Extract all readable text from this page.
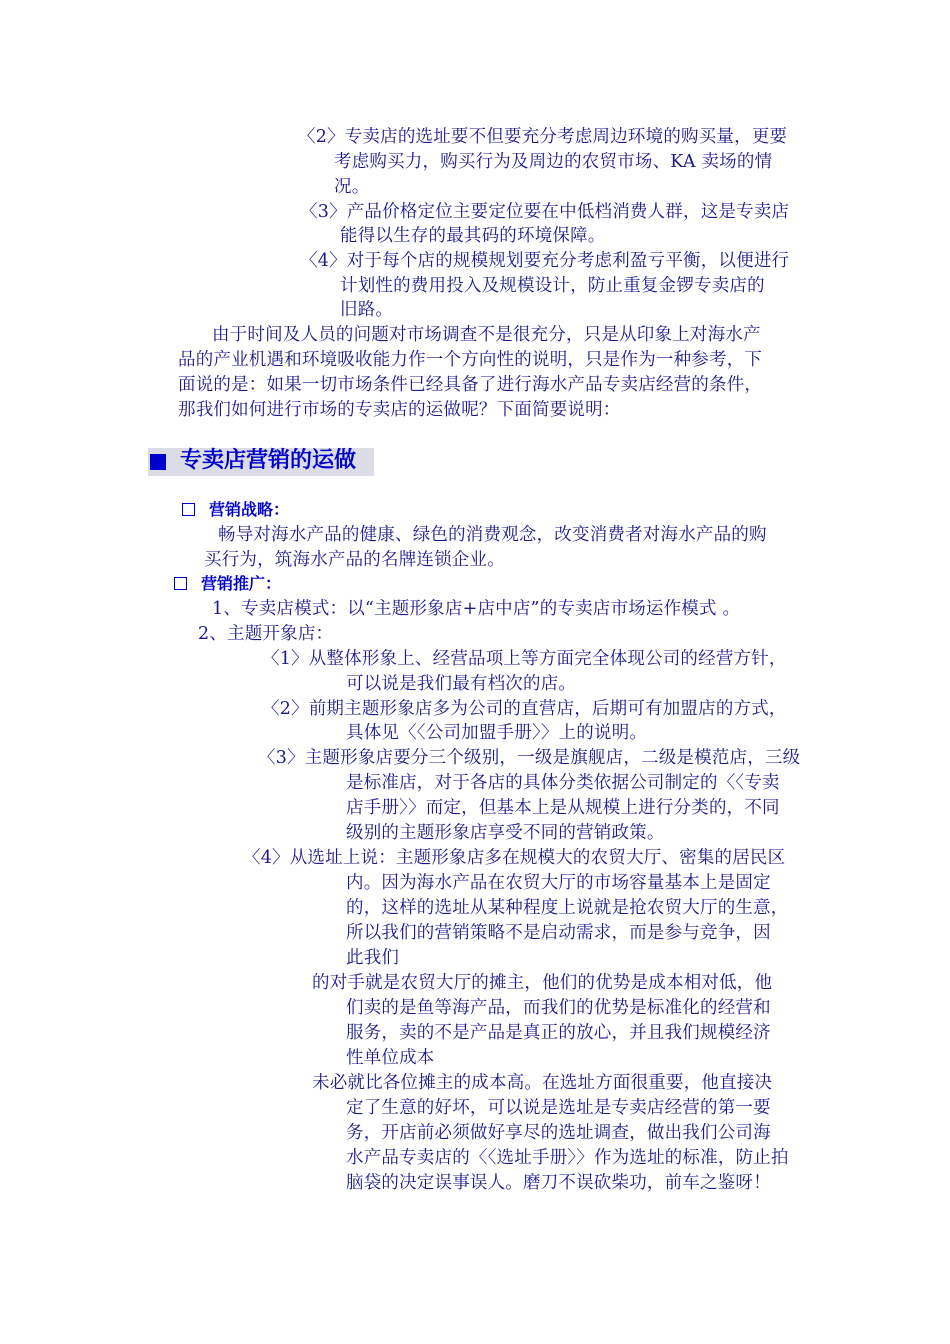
〈2〉专卖店的选址要不但要充分考虑周边环境的购买量，更要
考虑购买力，购买行为及周边的农贸市场、KA 卖场的情
况。
〈3〉产品价格定位主要定位要在中低档消费人群，这是专卖店
能得以生存的最其码的环境保障。
〈4〉对于每个店的规模规划要充分考虑利盈亏平衡，以便进行
计划性的费用投入及规模设计，防止重复金锣专卖店的
旧路。
由于时间及人员的问题对市场调查不是很充分，只是从印象上对海水产
品的产业机遇和环境吸收能力作一个方向性的说明，只是作为一种参考，下
面说的是：如果一切市场条件已经具备了进行海水产品专卖店经营的条件，
那我们如何进行市场的专卖店的运做呢？下面简要说明：
专卖店营销的运做
营销战略：
畅导对海水产品的健康、绿色的消费观念，改变消费者对海水产品的购
买行为，筑海水产品的名牌连锁企业。
营销推广：
1、专卖店模式：以“主题形象店+店中店”的专卖店市场运作模式 。
2、主题开象店：
〈1〉从整体形象上、经营品项上等方面完全体现公司的经营方针，
可以说是我们最有档次的店。
〈2〉前期主题形象店多为公司的直营店，后期可有加盟店的方式，
具体见〈〈公司加盟手册〉〉上的说明。
〈3〉主题形象店要分三个级别，一级是旗舰店，二级是模范店，三级
是标准店，对于各店的具体分类依据公司制定的〈〈专卖
店手册〉〉而定，但基本上是从规模上进行分类的，不同
级别的主题形象店享受不同的营销政策。
〈4〉从选址上说：主题形象店多在规模大的农贸大厅、密集的居民区
内。因为海水产品在农贸大厅的市场容量基本上是固定
的，这样的选址从某种程度上说就是抢农贸大厅的生意，
所以我们的营销策略不是启动需求，而是参与竞争，因
此我们
的对手就是农贸大厅的摊主，他们的优势是成本相对低，他
们卖的是鱼等海产品，而我们的优势是标准化的经营和
服务，卖的不是产品是真正的放心，并且我们规模经济
性单位成本
未必就比各位摊主的成本高。在选址方面很重要，他直接决
定了生意的好坏，可以说是选址是专卖店经营的第一要
务，开店前必须做好享尽的选址调查，做出我们公司海
水产品专卖店的〈〈选址手册〉〉作为选址的标准，防止拍
脑袋的决定误事误人。磨刀不误砍柴功，前车之鉴呀！
